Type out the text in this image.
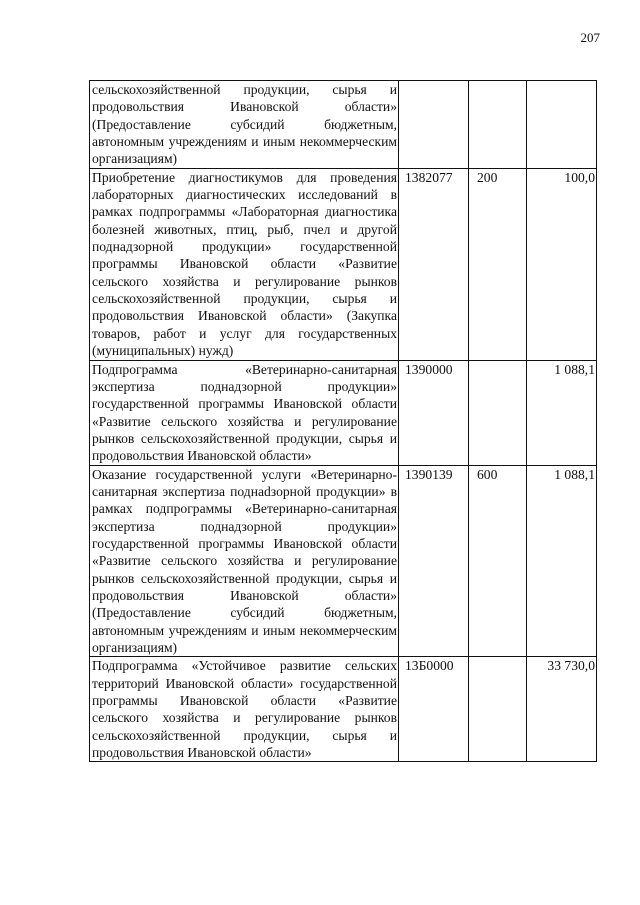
207
сельскохозяйственной продукции, сырья и продовольствия Ивановской области» (Предоставление субсидий бюджетным, автономным учреждениям и иным некоммерческим организациям)			
Приобретение диагностикумов для проведения лабораторных диагностических исследований в рамках подпрограммы «Лабораторная диагностика болезней животных, птиц, рыб, пчел и другой поднадзорной продукции» государственной программы Ивановской области «Развитие сельского хозяйства и регулирование рынков сельскохозяйственной продукции, сырья и продовольствия Ивановской области» (Закупка товаров, работ и услуг для государственных (муниципальных) нужд)	1382077	200	100,0
Подпрограмма «Ветеринарно-санитарная экспертиза поднадзорной продукции» государственной программы Ивановской области «Развитие сельского хозяйства и регулирование рынков сельскохозяйственной продукции, сырья и продовольствия Ивановской области»	1390000		1 088,1
Оказание государственной услуги «Ветеринарно-санитарная экспертиза поднаdзорной продукции» в рамках подпрограммы «Ветеринарно-санитарная экспертиза поднадзорной продукции» государственной программы Ивановской области «Развитие сельского хозяйства и регулирование рынков сельскохозяйственной продукции, сырья и продовольствия Ивановской области» (Предоставление субсидий бюджетным, автономным учреждениям и иным некоммерческим организациям)	1390139	600	1 088,1
Подпрограмма «Устойчивое развитие сельских территорий Ивановской области» государственной программы Ивановской области «Развитие сельского хозяйства и регулирование рынков сельскохозяйственной продукции, сырья и продовольствия Ивановской области»	13Б0000		33 730,0
